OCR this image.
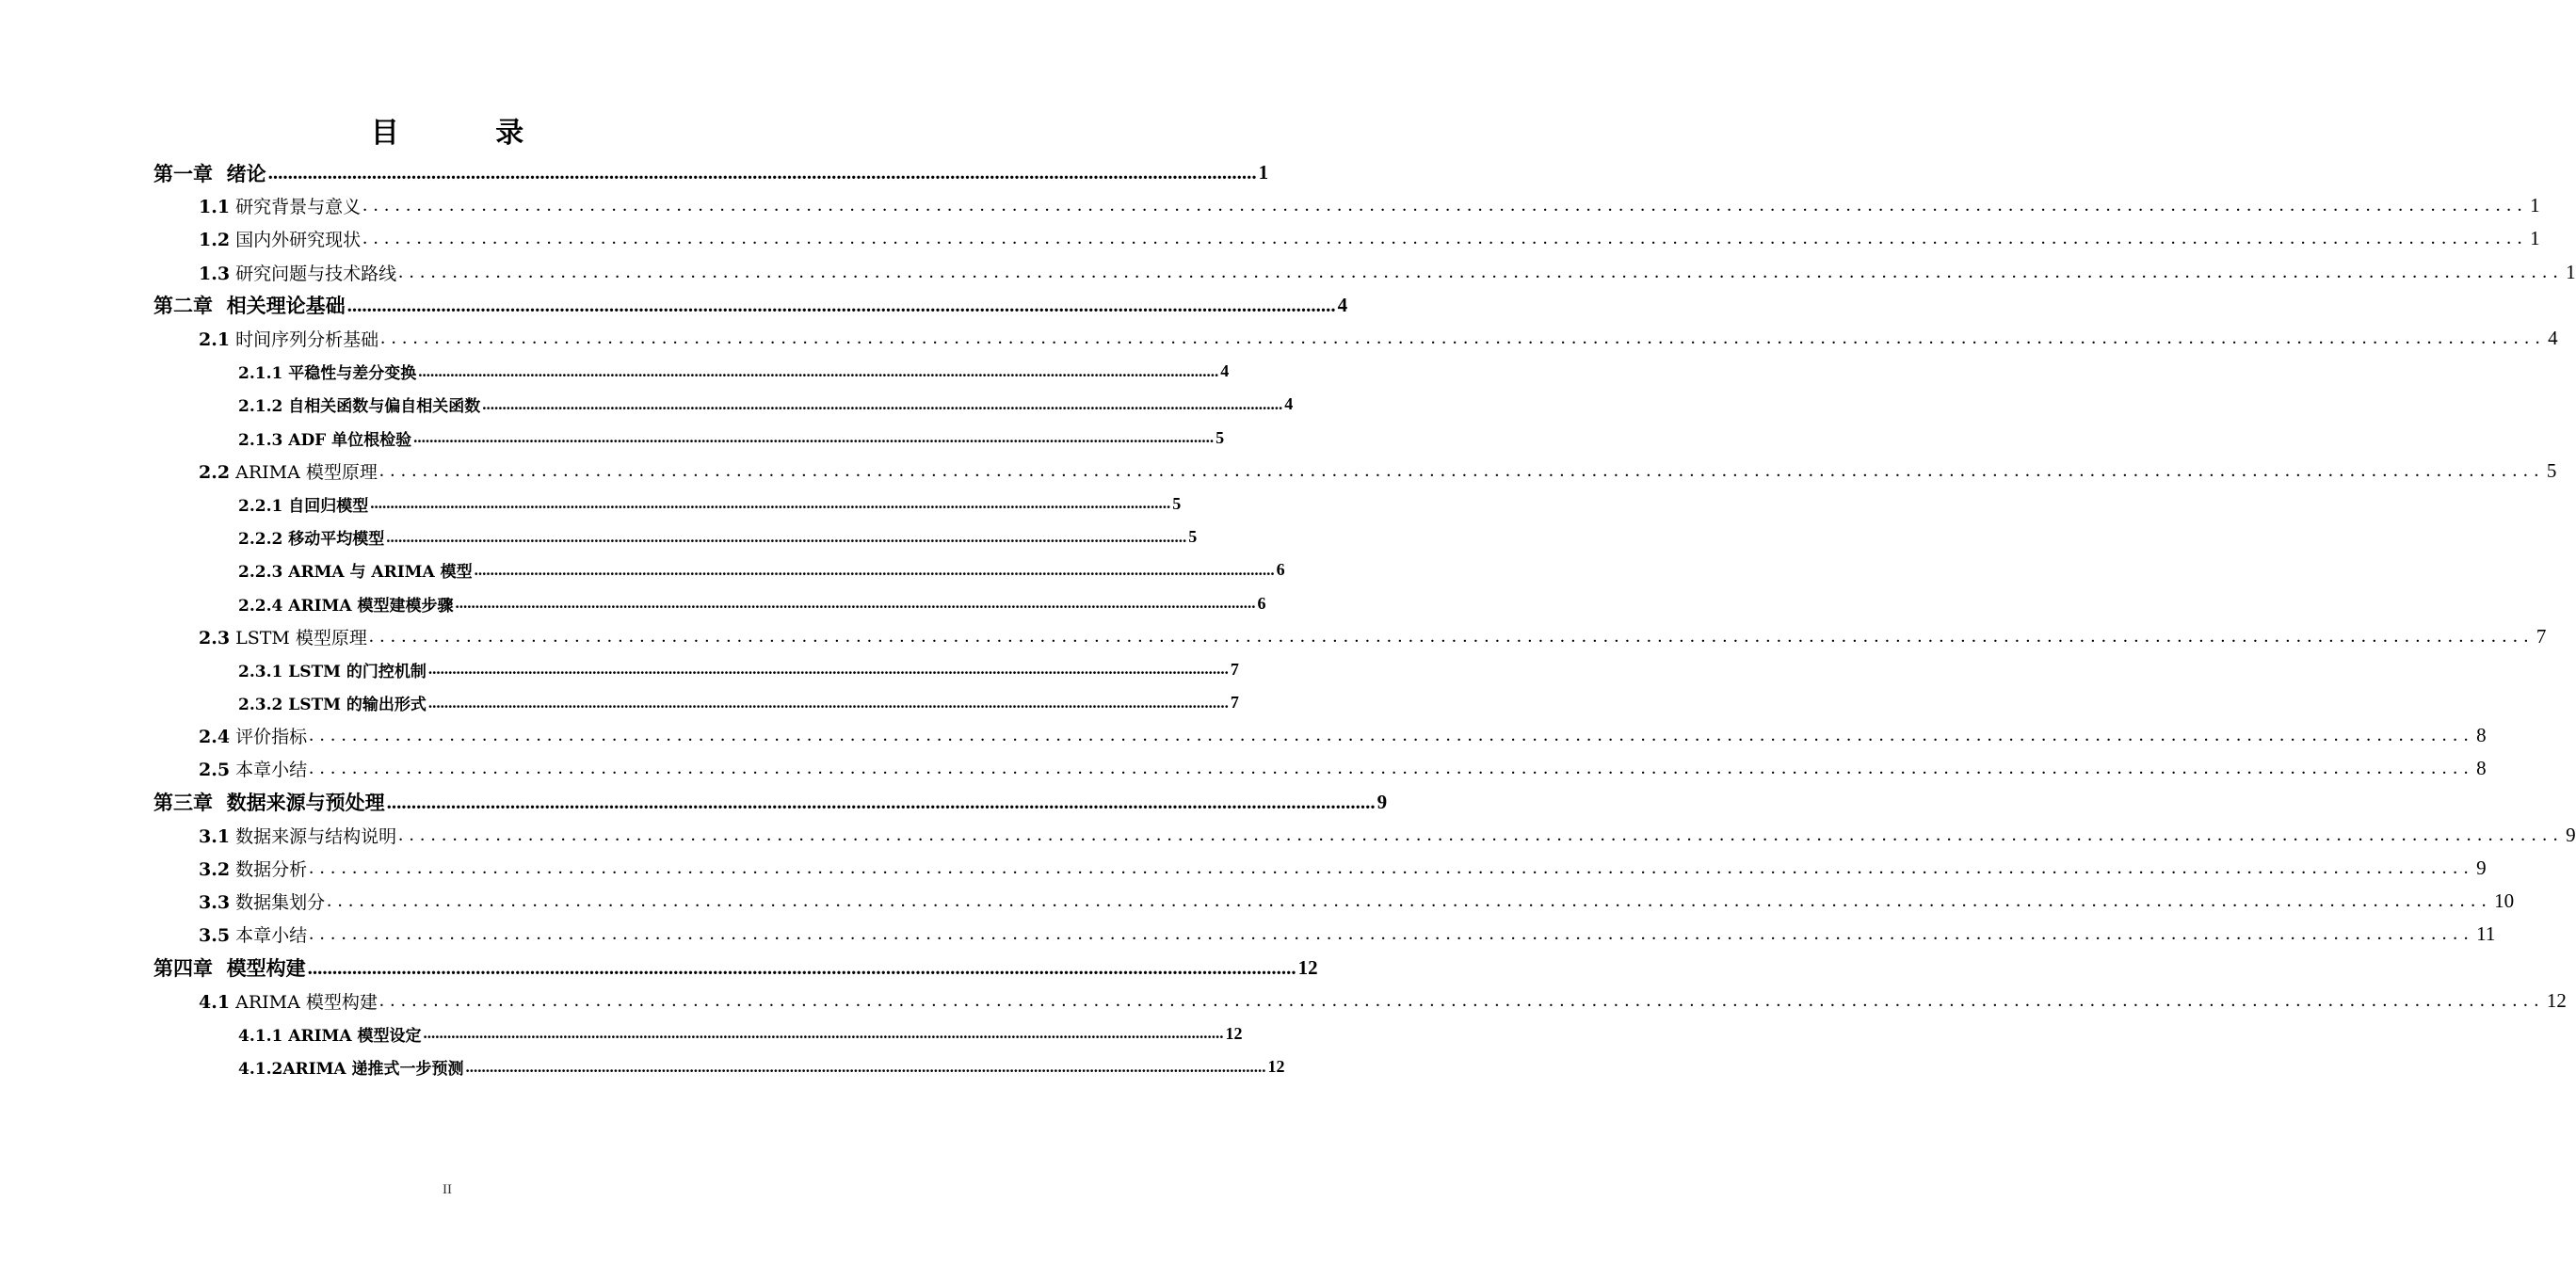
目 录
第一章 绪论 ........................................................................................................................................................................................................ 1
1.1 研究背景与意义 ........................................................................................................................................................................................................ 1
1.2 国内外研究现状 ........................................................................................................................................................................................................ 1
1.3 研究问题与技术路线 ........................................................................................................................................................................................................ 1
第二章 相关理论基础 ........................................................................................................................................................................................................ 4
2.1 时间序列分析基础 ........................................................................................................................................................................................................ 4
2.1.1 平稳性与差分变换 ........................................................................................................................................................................................................ 4
2.1.2 自相关函数与偏自相关函数 ........................................................................................................................................................................................................ 4
2.1.3 ADF 单位根检验 ........................................................................................................................................................................................................ 5
2.2 ARIMA 模型原理 ........................................................................................................................................................................................................ 5
2.2.1 自回归模型 ........................................................................................................................................................................................................ 5
2.2.2 移动平均模型 ........................................................................................................................................................................................................ 5
2.2.3 ARMA 与 ARIMA 模型 ........................................................................................................................................................................................................ 6
2.2.4 ARIMA 模型建模步骤 ........................................................................................................................................................................................................ 6
2.3 LSTM 模型原理 ........................................................................................................................................................................................................ 7
2.3.1 LSTM 的门控机制 ........................................................................................................................................................................................................ 7
2.3.2 LSTM 的输出形式 ........................................................................................................................................................................................................ 7
2.4 评价指标 ........................................................................................................................................................................................................ 8
2.5 本章小结 ........................................................................................................................................................................................................ 8
第三章 数据来源与预处理 ........................................................................................................................................................................................................ 9
3.1 数据来源与结构说明 ........................................................................................................................................................................................................ 9
3.2 数据分析 ........................................................................................................................................................................................................ 9
3.3 数据集划分 ........................................................................................................................................................................................................ 10
3.5 本章小结 ........................................................................................................................................................................................................ 11
第四章 模型构建 ........................................................................................................................................................................................................ 12
4.1 ARIMA 模型构建 ........................................................................................................................................................................................................ 12
4.1.1 ARIMA 模型设定 ........................................................................................................................................................................................................ 12
4.1.2ARIMA 递推式一步预测 ........................................................................................................................................................................................................ 12
II
